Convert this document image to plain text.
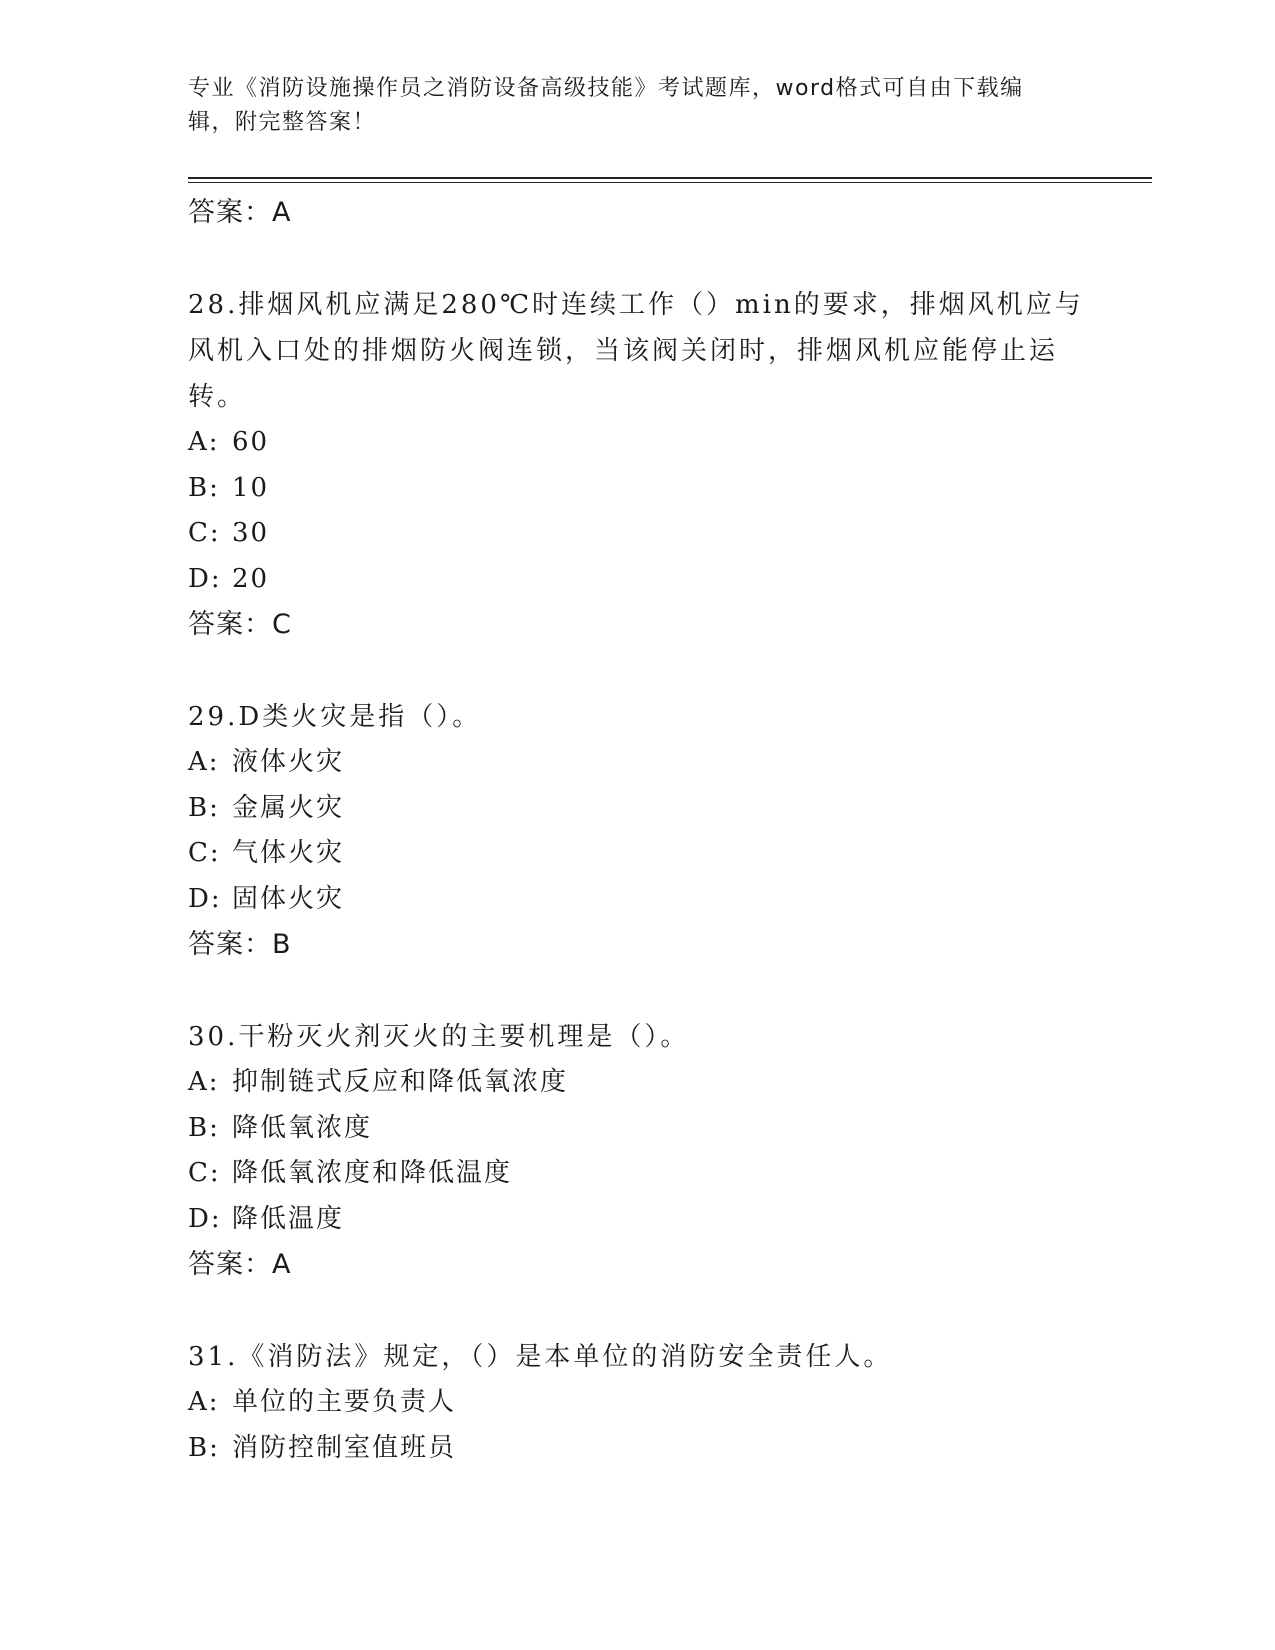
专业《消防设施操作员之消防设备高级技能》考试题库，word格式可自由下载编
辑，附完整答案！
答案：A
28.排烟风机应满足280℃时连续工作（）min的要求，排烟风机应与
风机入口处的排烟防火阀连锁，当该阀关闭时，排烟风机应能停止运
转。
A: 60
B: 10
C: 30
D: 20
答案：C
29.D类火灾是指（）。
A: 液体火灾
B: 金属火灾
C: 气体火灾
D: 固体火灾
答案：B
30.干粉灭火剂灭火的主要机理是（）。
A: 抑制链式反应和降低氧浓度
B: 降低氧浓度
C: 降低氧浓度和降低温度
D: 降低温度
答案：A
31.《消防法》规定，（）是本单位的消防安全责任人。
A: 单位的主要负责人
B: 消防控制室值班员
